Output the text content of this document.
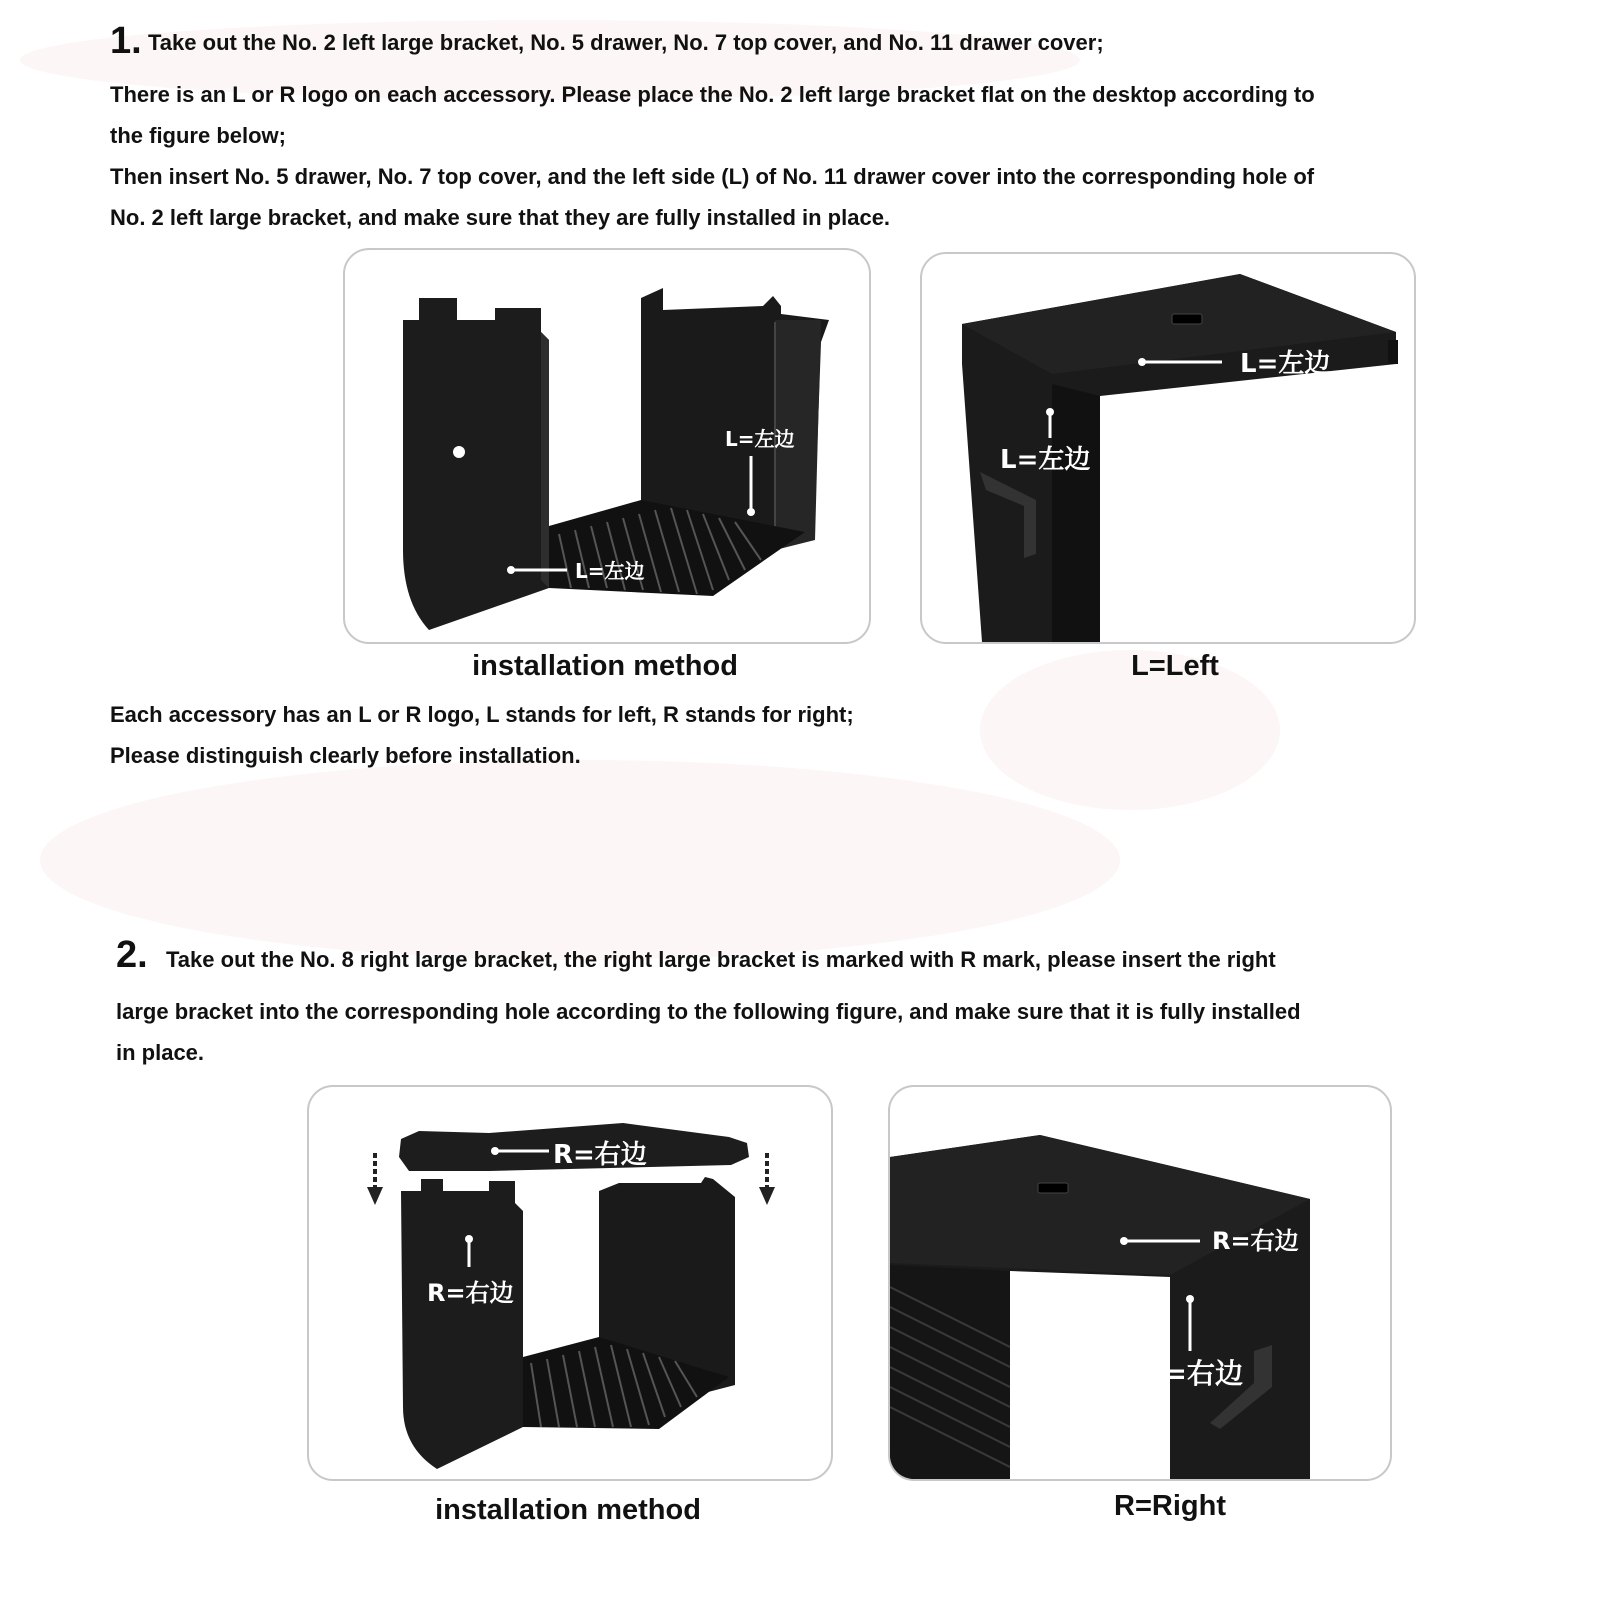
1. Take out the No. 2 left large bracket, No. 5 drawer, No. 7 top cover, and No. 11 drawer cover;
There is an L or R logo on each accessory. Please place the No. 2 left large bracket flat on the desktop according to
the figure below;
Then insert No. 5 drawer, No. 7 top cover, and the left side (L) of No. 11 drawer cover into the corresponding hole of
No. 2 left large bracket, and make sure that they are fully installed in place.
L=左边
L=左边
L=左边
L=左边
installation method	L=Left
Each accessory has an L or R logo, L stands for left, R stands for right;
Please distinguish clearly before installation.
2. Take out the No. 8 right large bracket, the right large bracket is marked with R mark, please insert the right
large bracket into the corresponding hole according to the following figure, and make sure that it is fully installed
in place.
R=右边
R=右边
R=右边
R=右边
installation method	R=Right
